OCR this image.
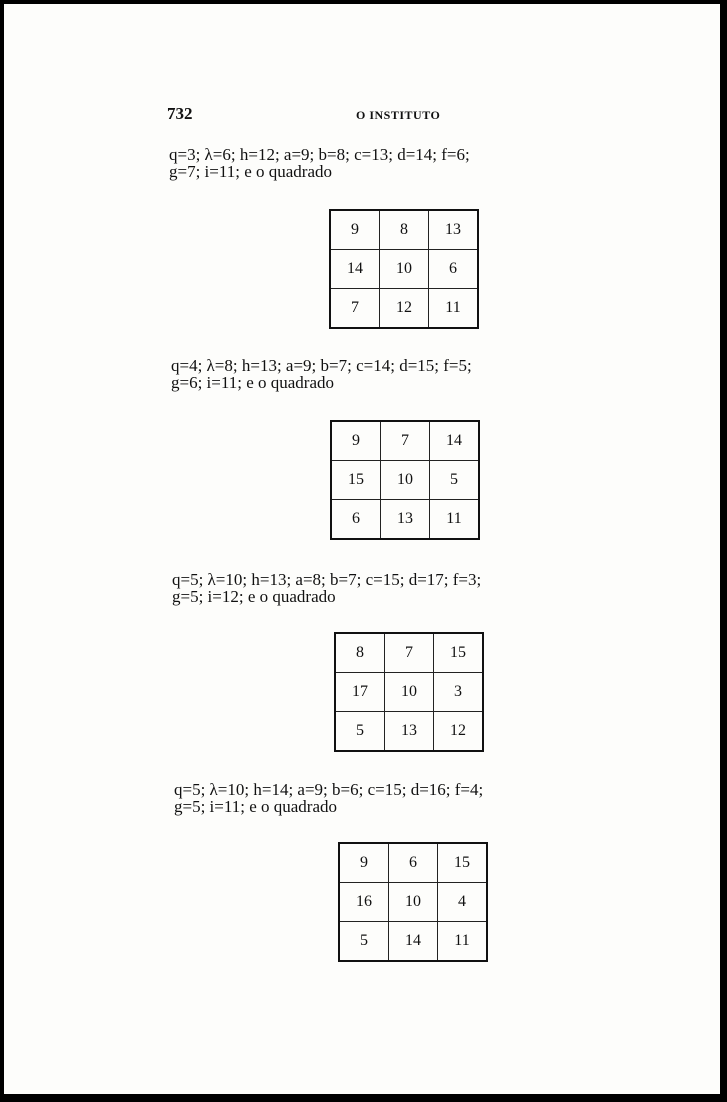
732	O INSTITUTO
q=3; λ=6; h=12; a=9; b=8; c=13; d=14; f=6;
g=7; i=11; e o quadrado
9	8	13
14	10	6
7	12	11
q=4; λ=8; h=13; a=9; b=7; c=14; d=15; f=5;
g=6; i=11; e o quadrado
9	7	14
15	10	5
6	13	11
q=5; λ=10; h=13; a=8; b=7; c=15; d=17; f=3;
g=5; i=12; e o quadrado
8	7	15
17	10	3
5	13	12
q=5; λ=10; h=14; a=9; b=6; c=15; d=16; f=4;
g=5; i=11; e o quadrado
9	6	15
16	10	4
5	14	11
